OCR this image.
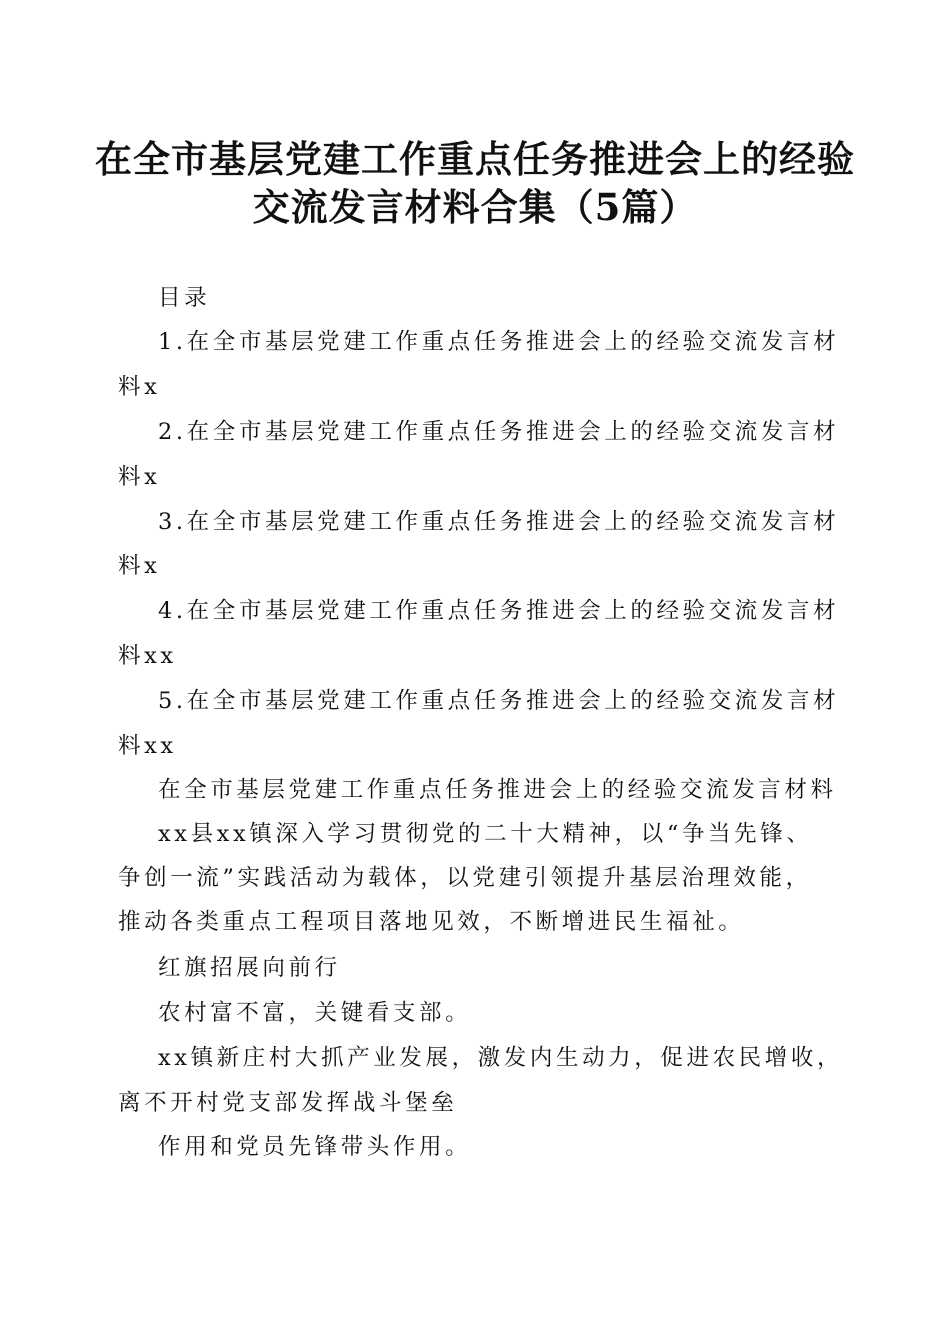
在全市基层党建工作重点任务推进会上的经验
交流发言材料合集（5篇）
目录
1.在全市基层党建工作重点任务推进会上的经验交流发言材
料x
2.在全市基层党建工作重点任务推进会上的经验交流发言材
料x
3.在全市基层党建工作重点任务推进会上的经验交流发言材
料x
4.在全市基层党建工作重点任务推进会上的经验交流发言材
料xx
5.在全市基层党建工作重点任务推进会上的经验交流发言材
料xx
在全市基层党建工作重点任务推进会上的经验交流发言材料
xx县xx镇深入学习贯彻党的二十大精神，以“争当先锋、
争创一流”实践活动为载体，以党建引领提升基层治理效能，
推动各类重点工程项目落地见效，不断增进民生福祉。
红旗招展向前行
农村富不富，关键看支部。
xx镇新庄村大抓产业发展，激发内生动力，促进农民增收，
离不开村党支部发挥战斗堡垒
作用和党员先锋带头作用。
